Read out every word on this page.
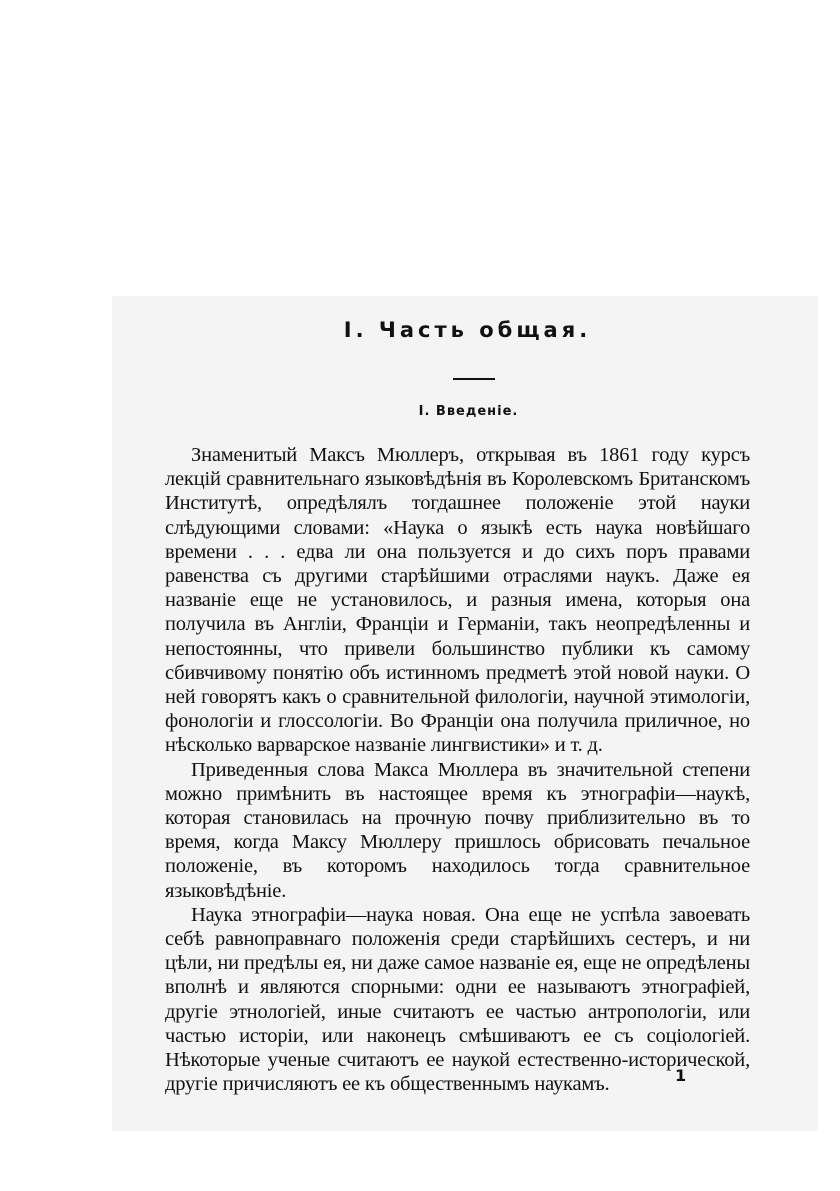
I. Часть общая.
I. Введеніе.

Знаменитый Максъ Мюллеръ, открывая въ 1861 году курсъ лекцій сравнительнаго языковѣдѣнія въ Королевскомъ Британскомъ Институтѣ, опредѣлялъ тогдашнее положеніе этой науки слѣдующими словами: «Наука о языкѣ есть наука новѣйшаго времени . . . едва ли она пользуется и до сихъ поръ правами равенства съ другими старѣйшими отраслями наукъ. Даже ея названіе еще не установилось, и разныя имена, которыя она получила въ Англіи, Франціи и Германіи, такъ неопредѣленны и непостоянны, что привели большинство публики къ самому сбивчивому понятію объ истинномъ предметѣ этой новой науки. О ней говорятъ какъ о сравнительной филологіи, научной этимологіи, фонологіи и глоссологіи. Во Франціи она получила приличное, но нѣсколько варварское названіе лингвистики» и т. д.

Приведенныя слова Макса Мюллера въ значительной степени можно примѣнить въ настоящее время къ этнографіи—наукѣ, которая становилась на прочную почву приблизительно въ то время, когда Максу Мюллеру пришлось обрисовать печальное положеніе, въ которомъ находилось тогда сравнительное языковѣдѣніе.

Наука этнографіи—наука новая. Она еще не успѣла завоевать себѣ равноправнаго положенія среди старѣйшихъ сестеръ, и ни цѣли, ни предѣлы ея, ни даже самое названіе ея, еще не опредѣлены вполнѣ и являются спорными: одни ее называютъ этнографіей, другіе этнологіей, иные считаютъ ее частью антропологіи, или частью исторіи, или наконецъ смѣшиваютъ ее съ соціологіей. Нѣкоторые ученые считаютъ ее наукой естественно-исторической, другіе причисляютъ ее къ общественнымъ наукамъ.	1
